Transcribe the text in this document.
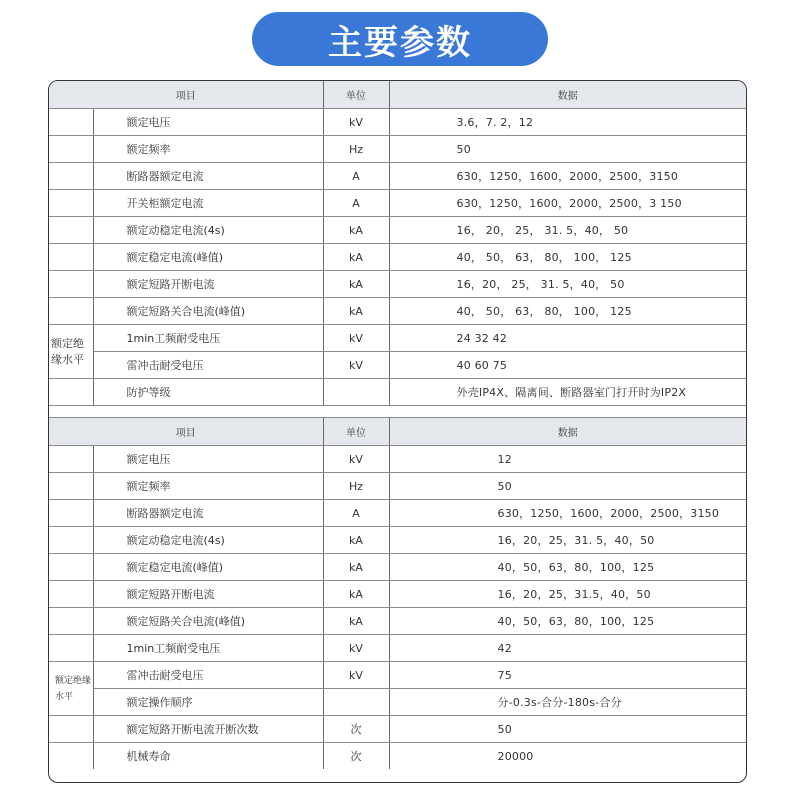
主要参数
项目		单位	数据
	额定电压	kV	3.6，7. 2，12
	额定频率	Hz	50
	断路器额定电流	A	630，1250，1600，2000，2500，3150
	开关柜额定电流	A	630，1250，1600，2000，2500，3 150
	额定动稳定电流(4s)	kA	16， 20， 25， 31. 5，40， 50
	额定稳定电流(峰值)	kA	40， 50， 63， 80， 100， 125
	额定短路开断电流	kA	16，20， 25， 31. 5，40， 50
	额定短路关合电流(峰值)	kA	40， 50， 63， 80， 100， 125
额定绝缘水平	1min工频耐受电压	kV	24 32 42
	雷冲击耐受电压	kV	40 60 75
	防护等级		外壳IP4X、隔离间、断路器室门打开时为IP2X

项目		单位	数据
	额定电压	kV	12
	额定频率	Hz	50
	断路器额定电流	A	630，1250，1600，2000，2500，3150
	额定动稳定电流(4s)	kA	16，20，25，31. 5，40，50
	额定稳定电流(峰值)	kA	40，50，63，80，100，125
	额定短路开断电流	kA	16，20，25，31.5，40，50
	额定短路关合电流(峰值)	kA	40，50，63，80，100，125
	1min工频耐受电压	kV	42
额定绝缘水平	雷冲击耐受电压	kV	75
	额定操作顺序		分-0.3s-合分-180s-合分
	额定短路开断电流开断次数	次	50
	机械寿命	次	20000
